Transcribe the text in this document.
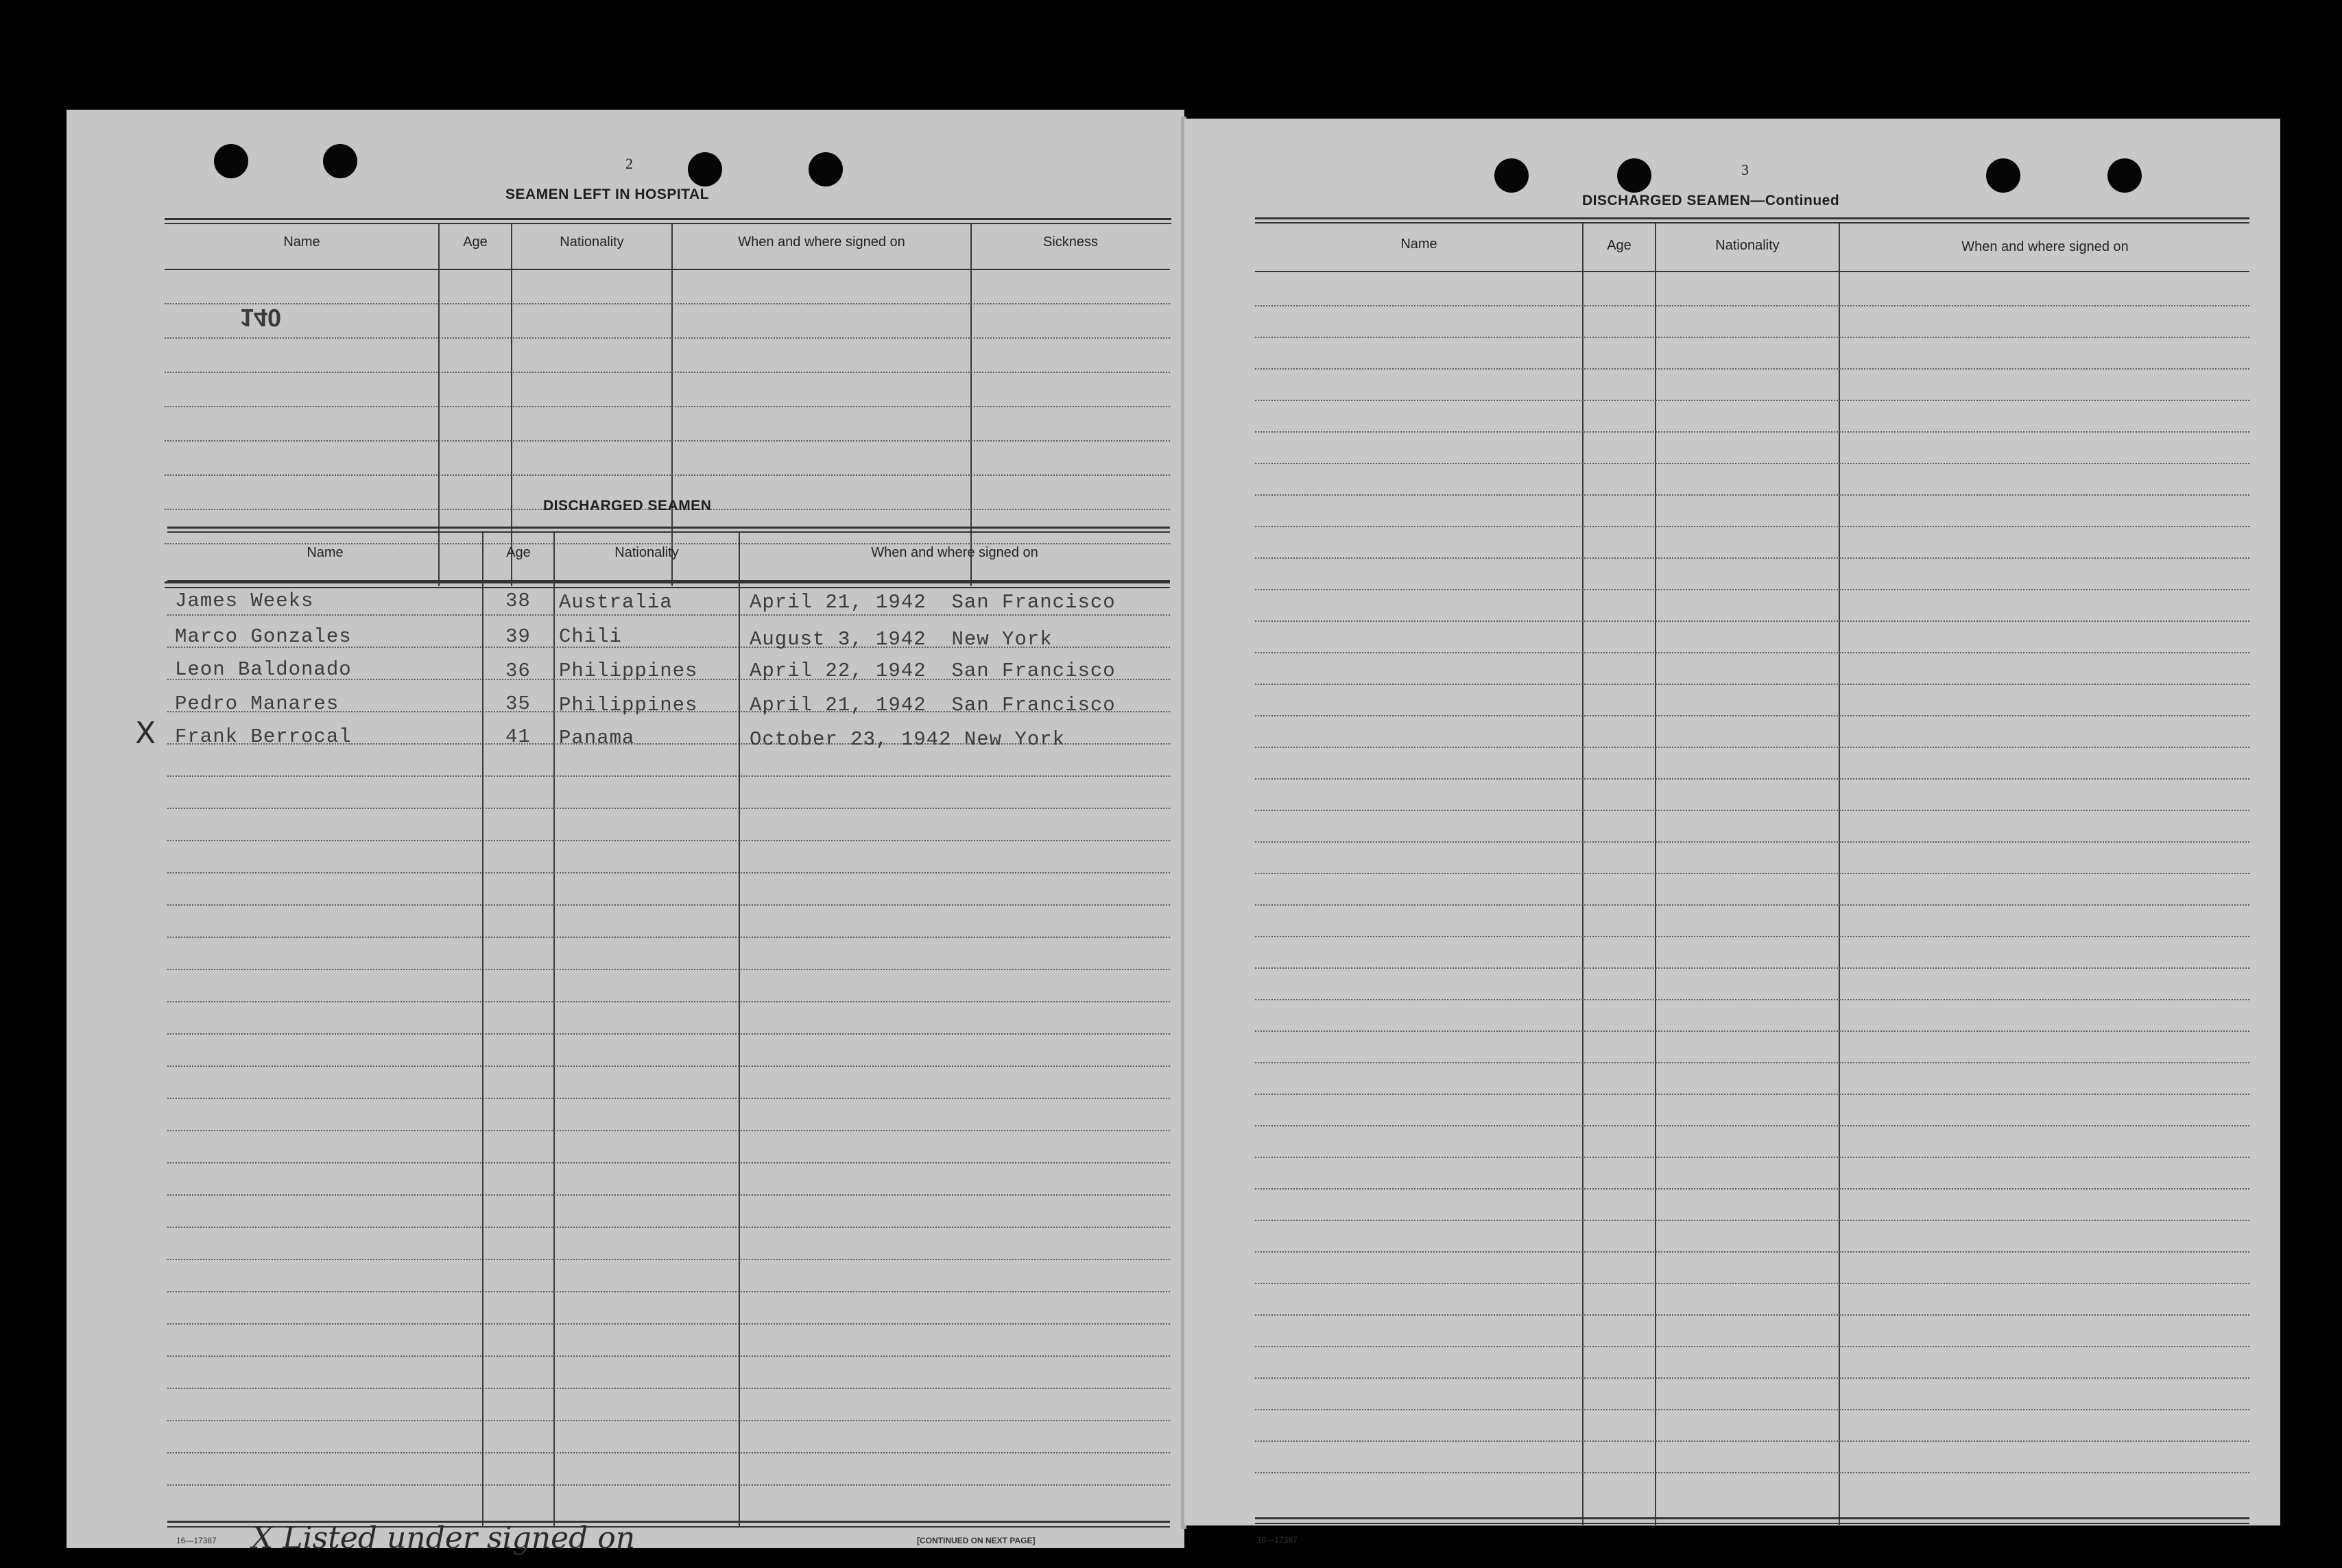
2
SEAMEN LEFT IN HOSPITAL
Name	Age	Nationality	When and where signed on	Sickness
140
DISCHARGED SEAMEN
Name	Age	Nationality	When and where signed on
James Weeks	38 Australia	April 21, 1942  San Francisco
Marco Gonzales	39 Chili	August 3, 1942  New York
Leon Baldonado	36 Philippines	April 22, 1942  San Francisco
Pedro Manares	35 Philippines	April 21, 1942  San Francisco
X Frank Berrocal	41 Panama	October 23, 1942 New York
16—17387	[CONTINUED ON NEXT PAGE]
X Listed under signed on
3
DISCHARGED SEAMEN—Continued
Name	Age	Nationality	When and where signed on
16—17387
